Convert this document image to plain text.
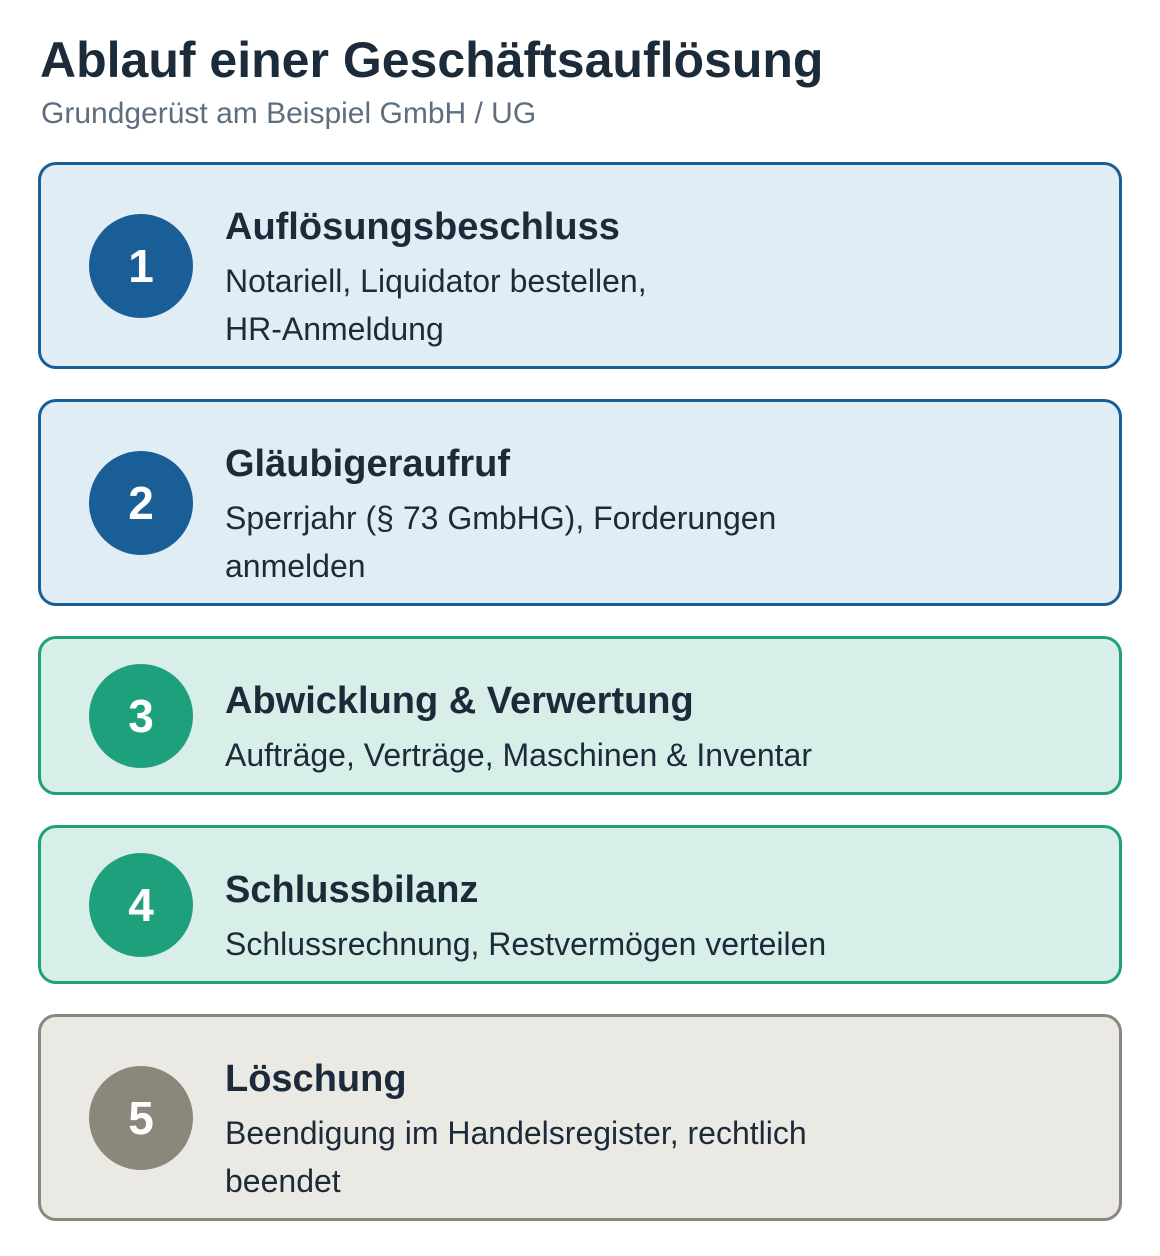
Ablauf einer Geschäftsauflösung
Grundgerüst am Beispiel GmbH / UG
1
Auflösungsbeschluss
Notariell, Liquidator bestellen,
HR-Anmeldung
2
Gläubigeraufruf
Sperrjahr (§ 73 GmbHG), Forderungen
anmelden
3	Abwicklung & Verwertung
Aufträge, Verträge, Maschinen & Inventar
4	Schlussbilanz
Schlussrechnung, Restvermögen verteilen
5
Löschung
Beendigung im Handelsregister, rechtlich
beendet
